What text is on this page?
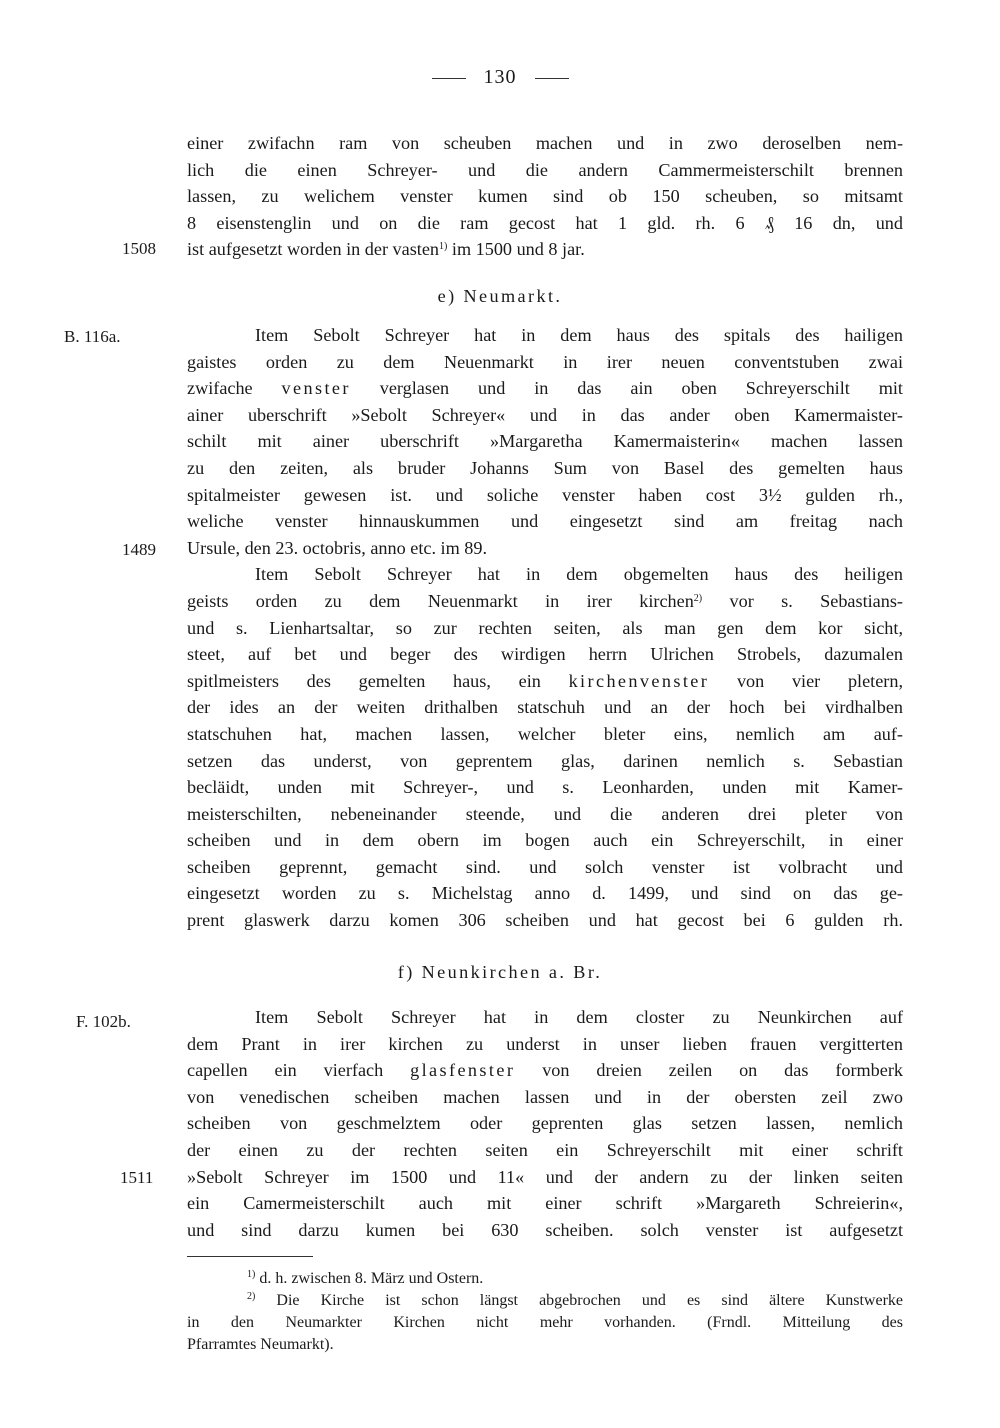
130
einer zwifachn ram von scheuben machen und in zwo deroselben nem-
lich die einen Schreyer- und die andern Cammermeisterschilt brennen
lassen, zu welichem venster kumen sind ob 150 scheuben, so mitsamt
8 eisenstenglin und on die ram gecost hat 1 gld. rh. 6 ₰ 16 dn, und
ist aufgesetzt worden in der vasten$^{1)}$ im 1500 und 8 jar.
1508
e) Neumarkt.
B. 116a.	Item Sebolt Schreyer hat in dem haus des spitals des hailigen
gaistes orden zu dem Neuenmarkt in irer neuen conventstuben zwai
zwifache venster verglasen und in das ain oben Schreyerschilt mit
ainer uberschrift »Sebolt Schreyer« und in das ander oben Kamermaister-
schilt mit ainer uberschrift »Margaretha Kamermaisterin« machen lassen
zu den zeiten, als bruder Johanns Sum von Basel des gemelten haus
spitalmeister gewesen ist. und soliche venster haben cost 3½ gulden rh.,
weliche venster hinnauskummen und eingesetzt sind am freitag nach
Ursule, den 23. octobris, anno etc. im 89.
Item Sebolt Schreyer hat in dem obgemelten haus des heiligen
geists orden zu dem Neuenmarkt in irer kirchen$^{2)}$ vor s. Sebastians-
und s. Lienhartsaltar, so zur rechten seiten, als man gen dem kor sicht,
steet, auf bet und beger des wirdigen herrn Ulrichen Strobels, dazumalen
spitlmeisters des gemelten haus, ein kirchenvenster von vier pletern,
der ides an der weiten drithalben statschuh und an der hoch bei virdhalben
statschuhen hat, machen lassen, welcher bleter eins, nemlich am auf-
setzen das underst, von geprentem glas, darinen nemlich s. Sebastian
becläidt, unden mit Schreyer-, und s. Leonharden, unden mit Kamer-
meisterschilten, nebeneinander steende, und die anderen drei pleter von
scheiben und in dem obern im bogen auch ein Schreyerschilt, in einer
scheiben geprennt, gemacht sind. und solch venster ist volbracht und
eingesetzt worden zu s. Michelstag anno d. 1499, und sind on das ge-
prent glaswerk darzu komen 306 scheiben und hat gecost bei 6 gulden rh.
1489
f) Neunkirchen a. Br.
F. 102b.	Item Sebolt Schreyer hat in dem closter zu Neunkirchen auf
dem Prant in irer kirchen zu underst in unser lieben frauen vergitterten
capellen ein vierfach glasfenster von dreien zeilen on das formberk
von venedischen scheiben machen lassen und in der obersten zeil zwo
scheiben von geschmelztem oder geprenten glas setzen lassen, nemlich
der einen zu der rechten seiten ein Schreyerschilt mit einer schrift
»Sebolt Schreyer im 1500 und 11« und der andern zu der linken seiten
ein Camermeisterschilt auch mit einer schrift »Margareth Schreierin«,
und sind darzu kumen bei 630 scheiben. solch venster ist aufgesetzt
1511
$^{1)}$ d. h. zwischen 8. März und Ostern.
$^{2)}$ Die Kirche ist schon längst abgebrochen und es sind ältere Kunstwerke
in den Neumarkter Kirchen nicht mehr vorhanden. (Frndl. Mitteilung des
Pfarramtes Neumarkt).
